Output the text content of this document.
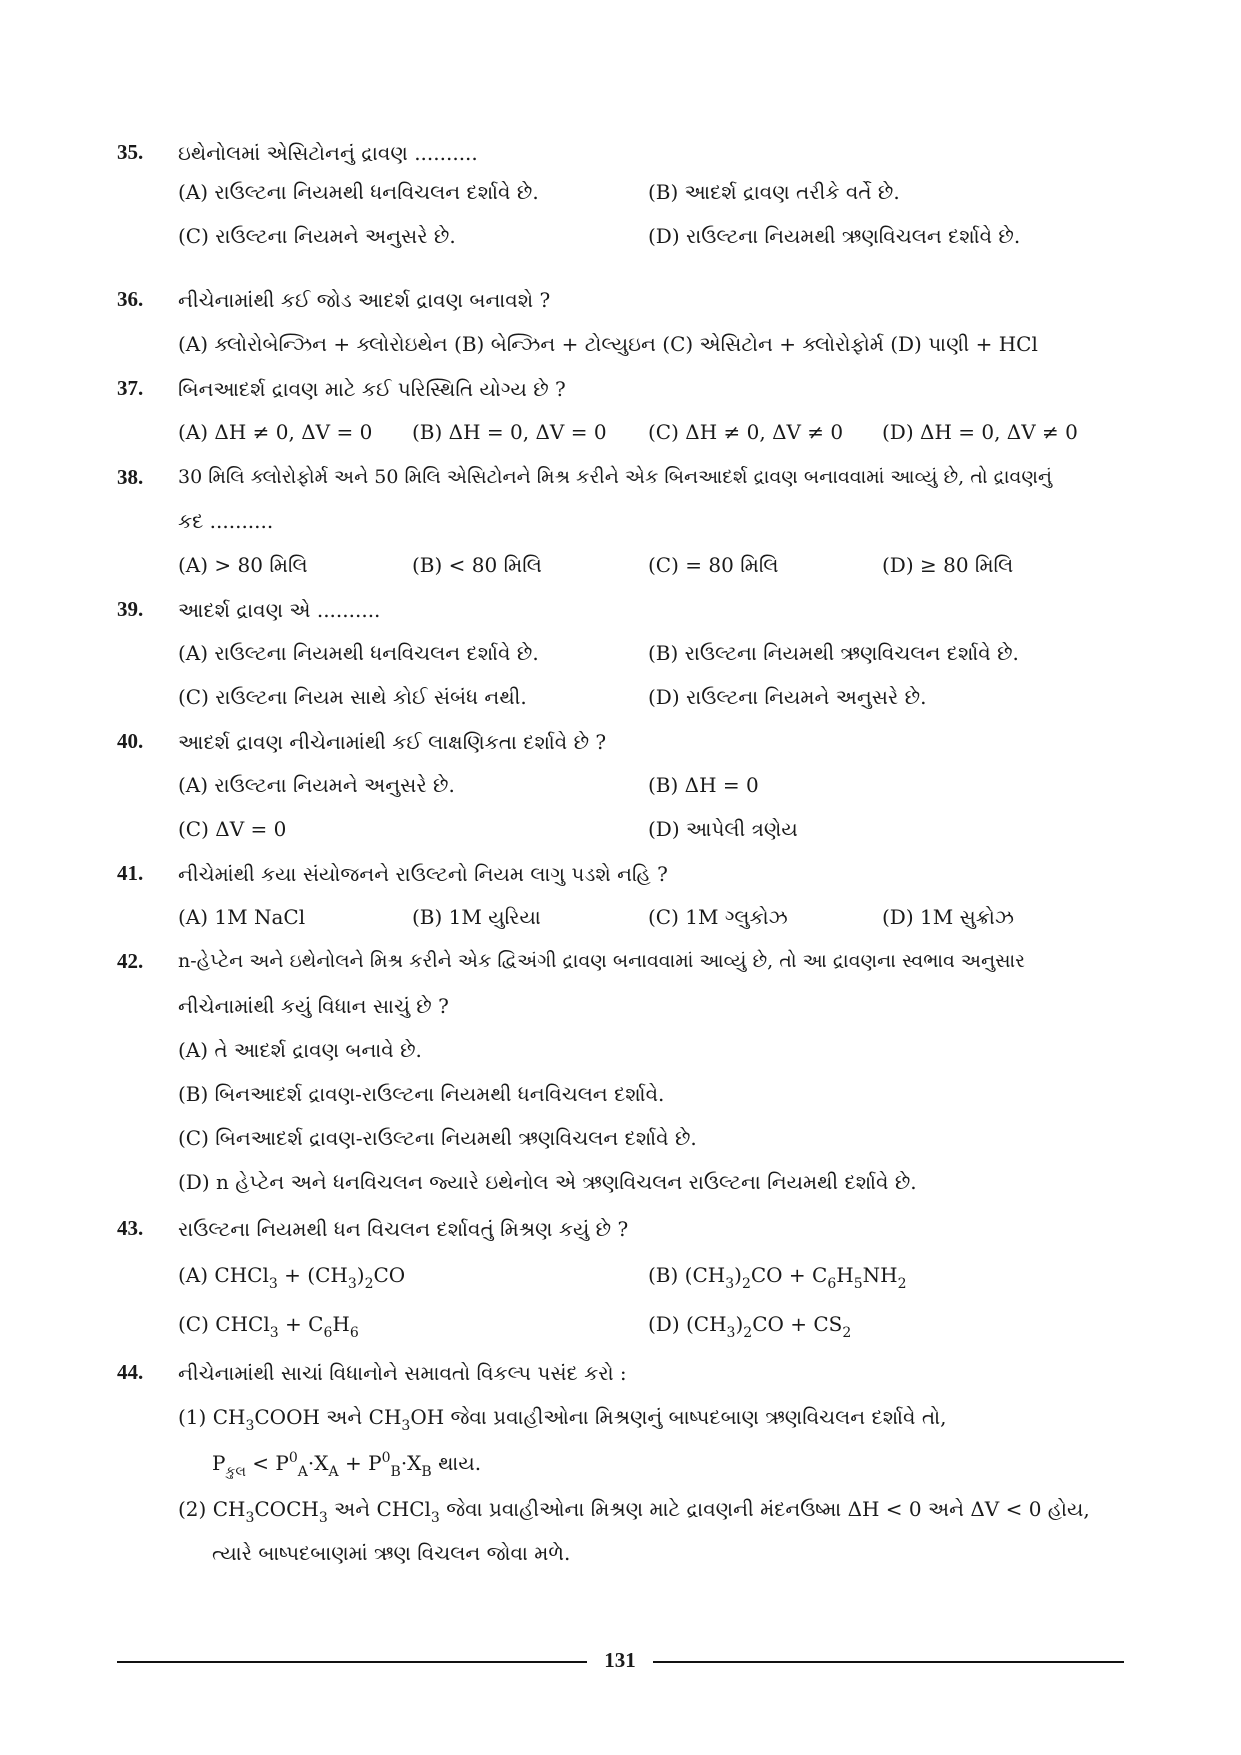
35.	ઇથેનોલમાં એસિટોનનું દ્રાવણ ..........
(A) રાઉલ્ટના નિયમથી ધનવિચલન દર્શાવે છે.	(B) આદર્શ દ્રાવણ તરીકે વર્તે છે.
(C) રાઉલ્ટના નિયમને અનુસરે છે.	(D) રાઉલ્ટના નિયમથી ઋણવિચલન દર્શાવે છે.
36.	નીચેનામાંથી કઈ જોડ આદર્શ દ્રાવણ બનાવશે ?
(A) ક્લોરોબેન્ઝિન + ક્લોરોઇથેન (B) બેન્ઝિન + ટોલ્યુઇન (C) એસિટોન + ક્લોરોફોર્મ (D) પાણી + HCl
37.	બિનઆદર્શ દ્રાવણ માટે કઈ પરિસ્થિતિ યોગ્ય છે ?
(A) ΔH ≠ 0, ΔV = 0 (B) ΔH = 0, ΔV = 0 (C) ΔH ≠ 0, ΔV ≠ 0 (D) ΔH = 0, ΔV ≠ 0
38.	30 મિલિ ક્લોરોફોર્મ અને 50 મિલિ એસિટોનને મિશ્ર કરીને એક બિનઆદર્શ દ્રાવણ બનાવવામાં આવ્યું છે, તો દ્રાવણનું
કદ ..........
(A) > 80 મિલિ	(B) < 80 મિલિ	(C) = 80 મિલિ	(D) ≥ 80 મિલિ
39.	આદર્શ દ્રાવણ એ ..........
(A) રાઉલ્ટના નિયમથી ધનવિચલન દર્શાવે છે.	(B) રાઉલ્ટના નિયમથી ઋણવિચલન દર્શાવે છે.
(C) રાઉલ્ટના નિયમ સાથે કોઈ સંબંધ નથી.	(D) રાઉલ્ટના નિયમને અનુસરે છે.
40.	આદર્શ દ્રાવણ નીચેનામાંથી કઈ લાક્ષણિકતા દર્શાવે છે ?
(A) રાઉલ્ટના નિયમને અનુસરે છે.	(B) ΔH = 0
(C) ΔV = 0	(D) આપેલી ત્રણેય
41.	નીચેમાંથી કયા સંયોજનને રાઉલ્ટનો નિયમ લાગુ પડશે નહિ ?
(A) 1M NaCl	(B) 1M યુરિયા	(C) 1M ગ્લુકોઝ	(D) 1M સુક્રોઝ
42.	n-હેપ્ટેન અને ઇથેનોલને મિશ્ર કરીને એક દ્વિઅંગી દ્રાવણ બનાવવામાં આવ્યું છે, તો આ દ્રાવણના સ્વભાવ અનુસાર
નીચેનામાંથી કયું વિધાન સાચું છે ?
(A) તે આદર્શ દ્રાવણ બનાવે છે.
(B) બિનઆદર્શ દ્રાવણ-રાઉલ્ટના નિયમથી ધનવિચલન દર્શાવે.
(C) બિનઆદર્શ દ્રાવણ-રાઉલ્ટના નિયમથી ઋણવિચલન દર્શાવે છે.
(D) n હેપ્ટેન અને ધનવિચલન જ્યારે ઇથેનોલ એ ઋણવિચલન રાઉલ્ટના નિયમથી દર્શાવે છે.
43.	રાઉલ્ટના નિયમથી ધન વિચલન દર્શાવતું મિશ્રણ કયું છે ?
(A) CHCl$_3$ + $(CH_3)_2CO$	(B) $(CH_3)_2CO + C_6H_5NH_2$
(C) CHCl$_3$ + $C_6H_6$	(D) $(CH_3)_2CO + CS_2$
44.	નીચેનામાંથી સાચાં વિધાનોને સમાવતો વિકલ્પ પસંદ કરો :
(1) $CH_3COOH$ અને $CH_3OH$ જેવા પ્રવાહીઓના મિશ્રણનું બાષ્પદબાણ ઋણવિચલન દર્શાવે તો,
$P_{કુલ} < P^0_A\cdot X_A + P^0_B\cdot X_B$ થાય.
(2) $CH_3COCH_3$ અને CHCl$_3$ જેવા પ્રવાહીઓના મિશ્રણ માટે દ્રાવણની મંદનઉષ્મા ΔH < 0 અને ΔV < 0 હોય,
ત્યારે બાષ્પદબાણમાં ઋણ વિચલન જોવા મળે.
131
